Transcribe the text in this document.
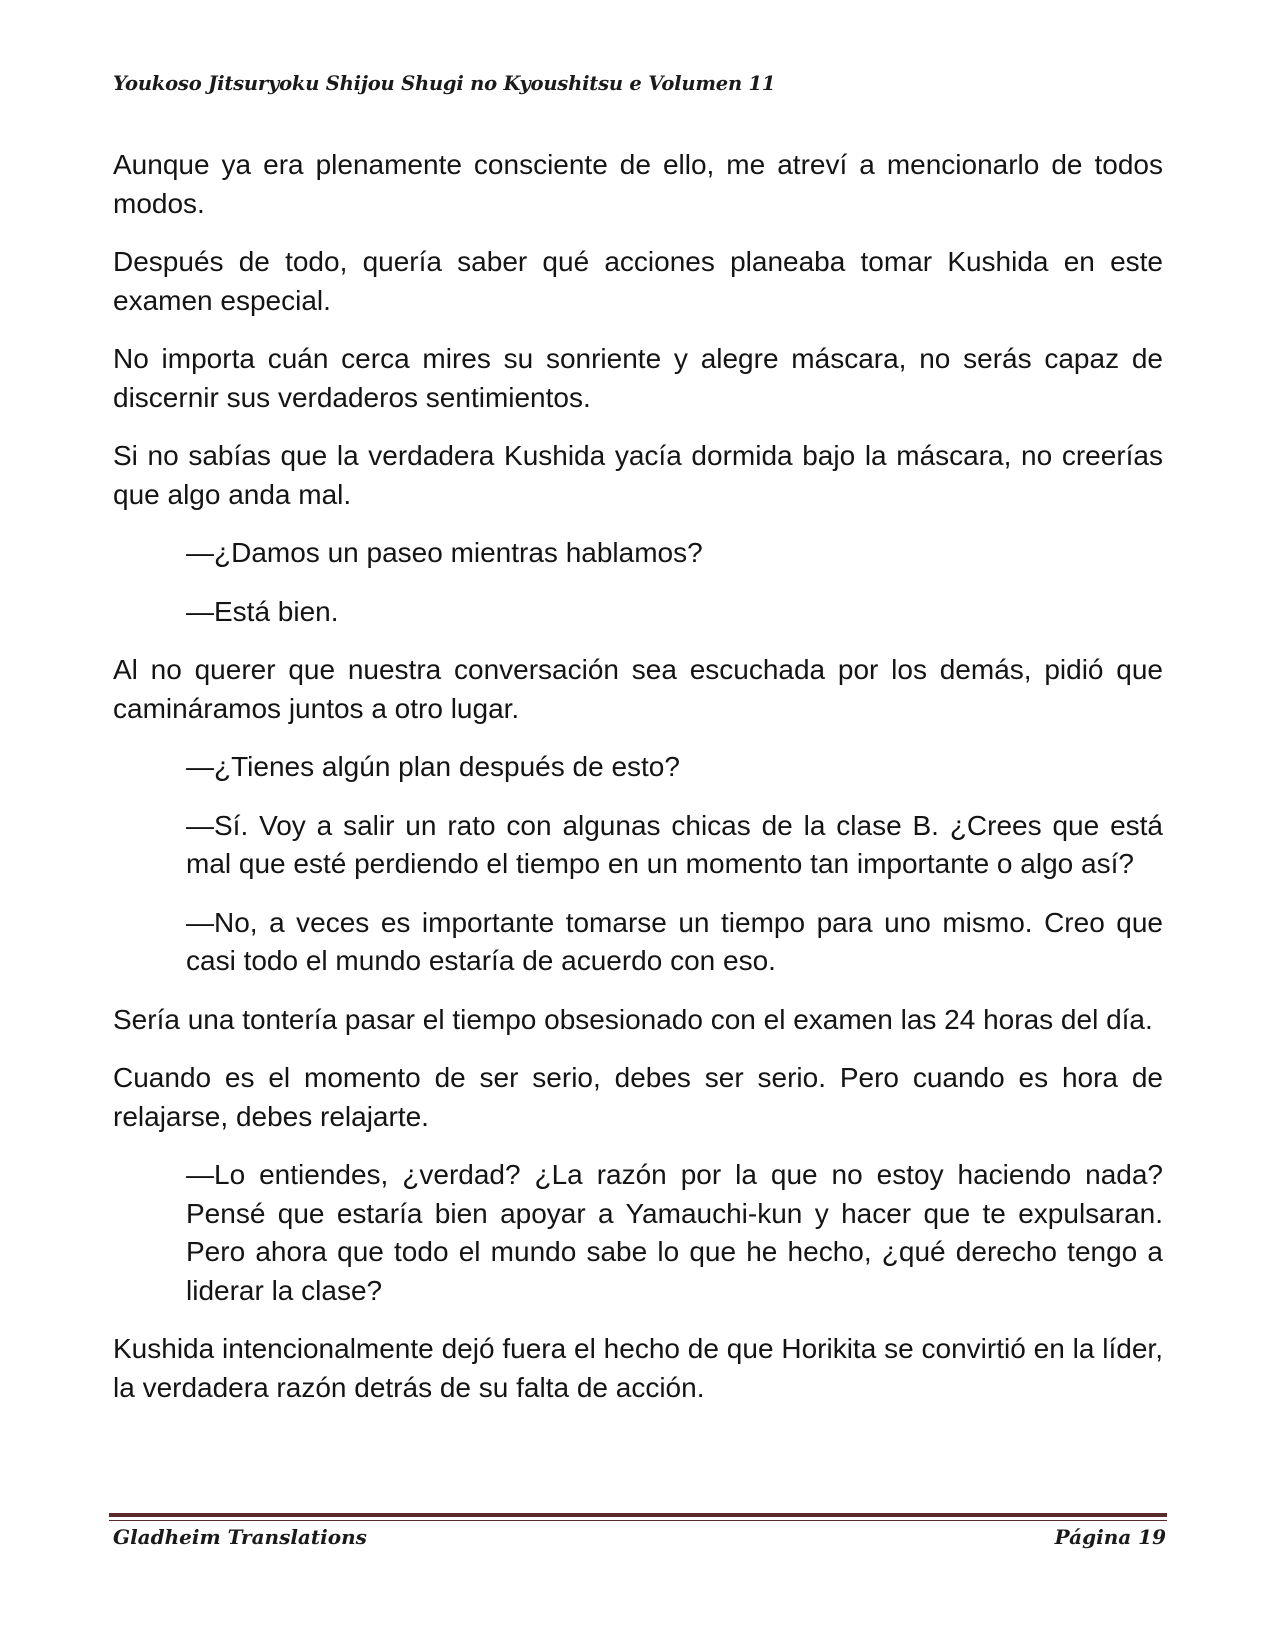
Youkoso Jitsuryoku Shijou Shugi no Kyoushitsu e Volumen 11

Aunque ya era plenamente consciente de ello, me atreví a mencionarlo de todos modos.

Después de todo, quería saber qué acciones planeaba tomar Kushida en este examen especial.

No importa cuán cerca mires su sonriente y alegre máscara, no serás capaz de discernir sus verdaderos sentimientos.

Si no sabías que la verdadera Kushida yacía dormida bajo la máscara, no creerías que algo anda mal.

—¿Damos un paseo mientras hablamos?

—Está bien.

Al no querer que nuestra conversación sea escuchada por los demás, pidió que camináramos juntos a otro lugar.

—¿Tienes algún plan después de esto?

—Sí. Voy a salir un rato con algunas chicas de la clase B. ¿Crees que está mal que esté perdiendo el tiempo en un momento tan importante o algo así?

—No, a veces es importante tomarse un tiempo para uno mismo. Creo que casi todo el mundo estaría de acuerdo con eso.

Sería una tontería pasar el tiempo obsesionado con el examen las 24 horas del día.

Cuando es el momento de ser serio, debes ser serio. Pero cuando es hora de relajarse, debes relajarte.

—Lo entiendes, ¿verdad? ¿La razón por la que no estoy haciendo nada? Pensé que estaría bien apoyar a Yamauchi-kun y hacer que te expulsaran. Pero ahora que todo el mundo sabe lo que he hecho, ¿qué derecho tengo a liderar la clase?

Kushida intencionalmente dejó fuera el hecho de que Horikita se convirtió en la líder, la verdadera razón detrás de su falta de acción.

Gladheim Translations	Página 19
